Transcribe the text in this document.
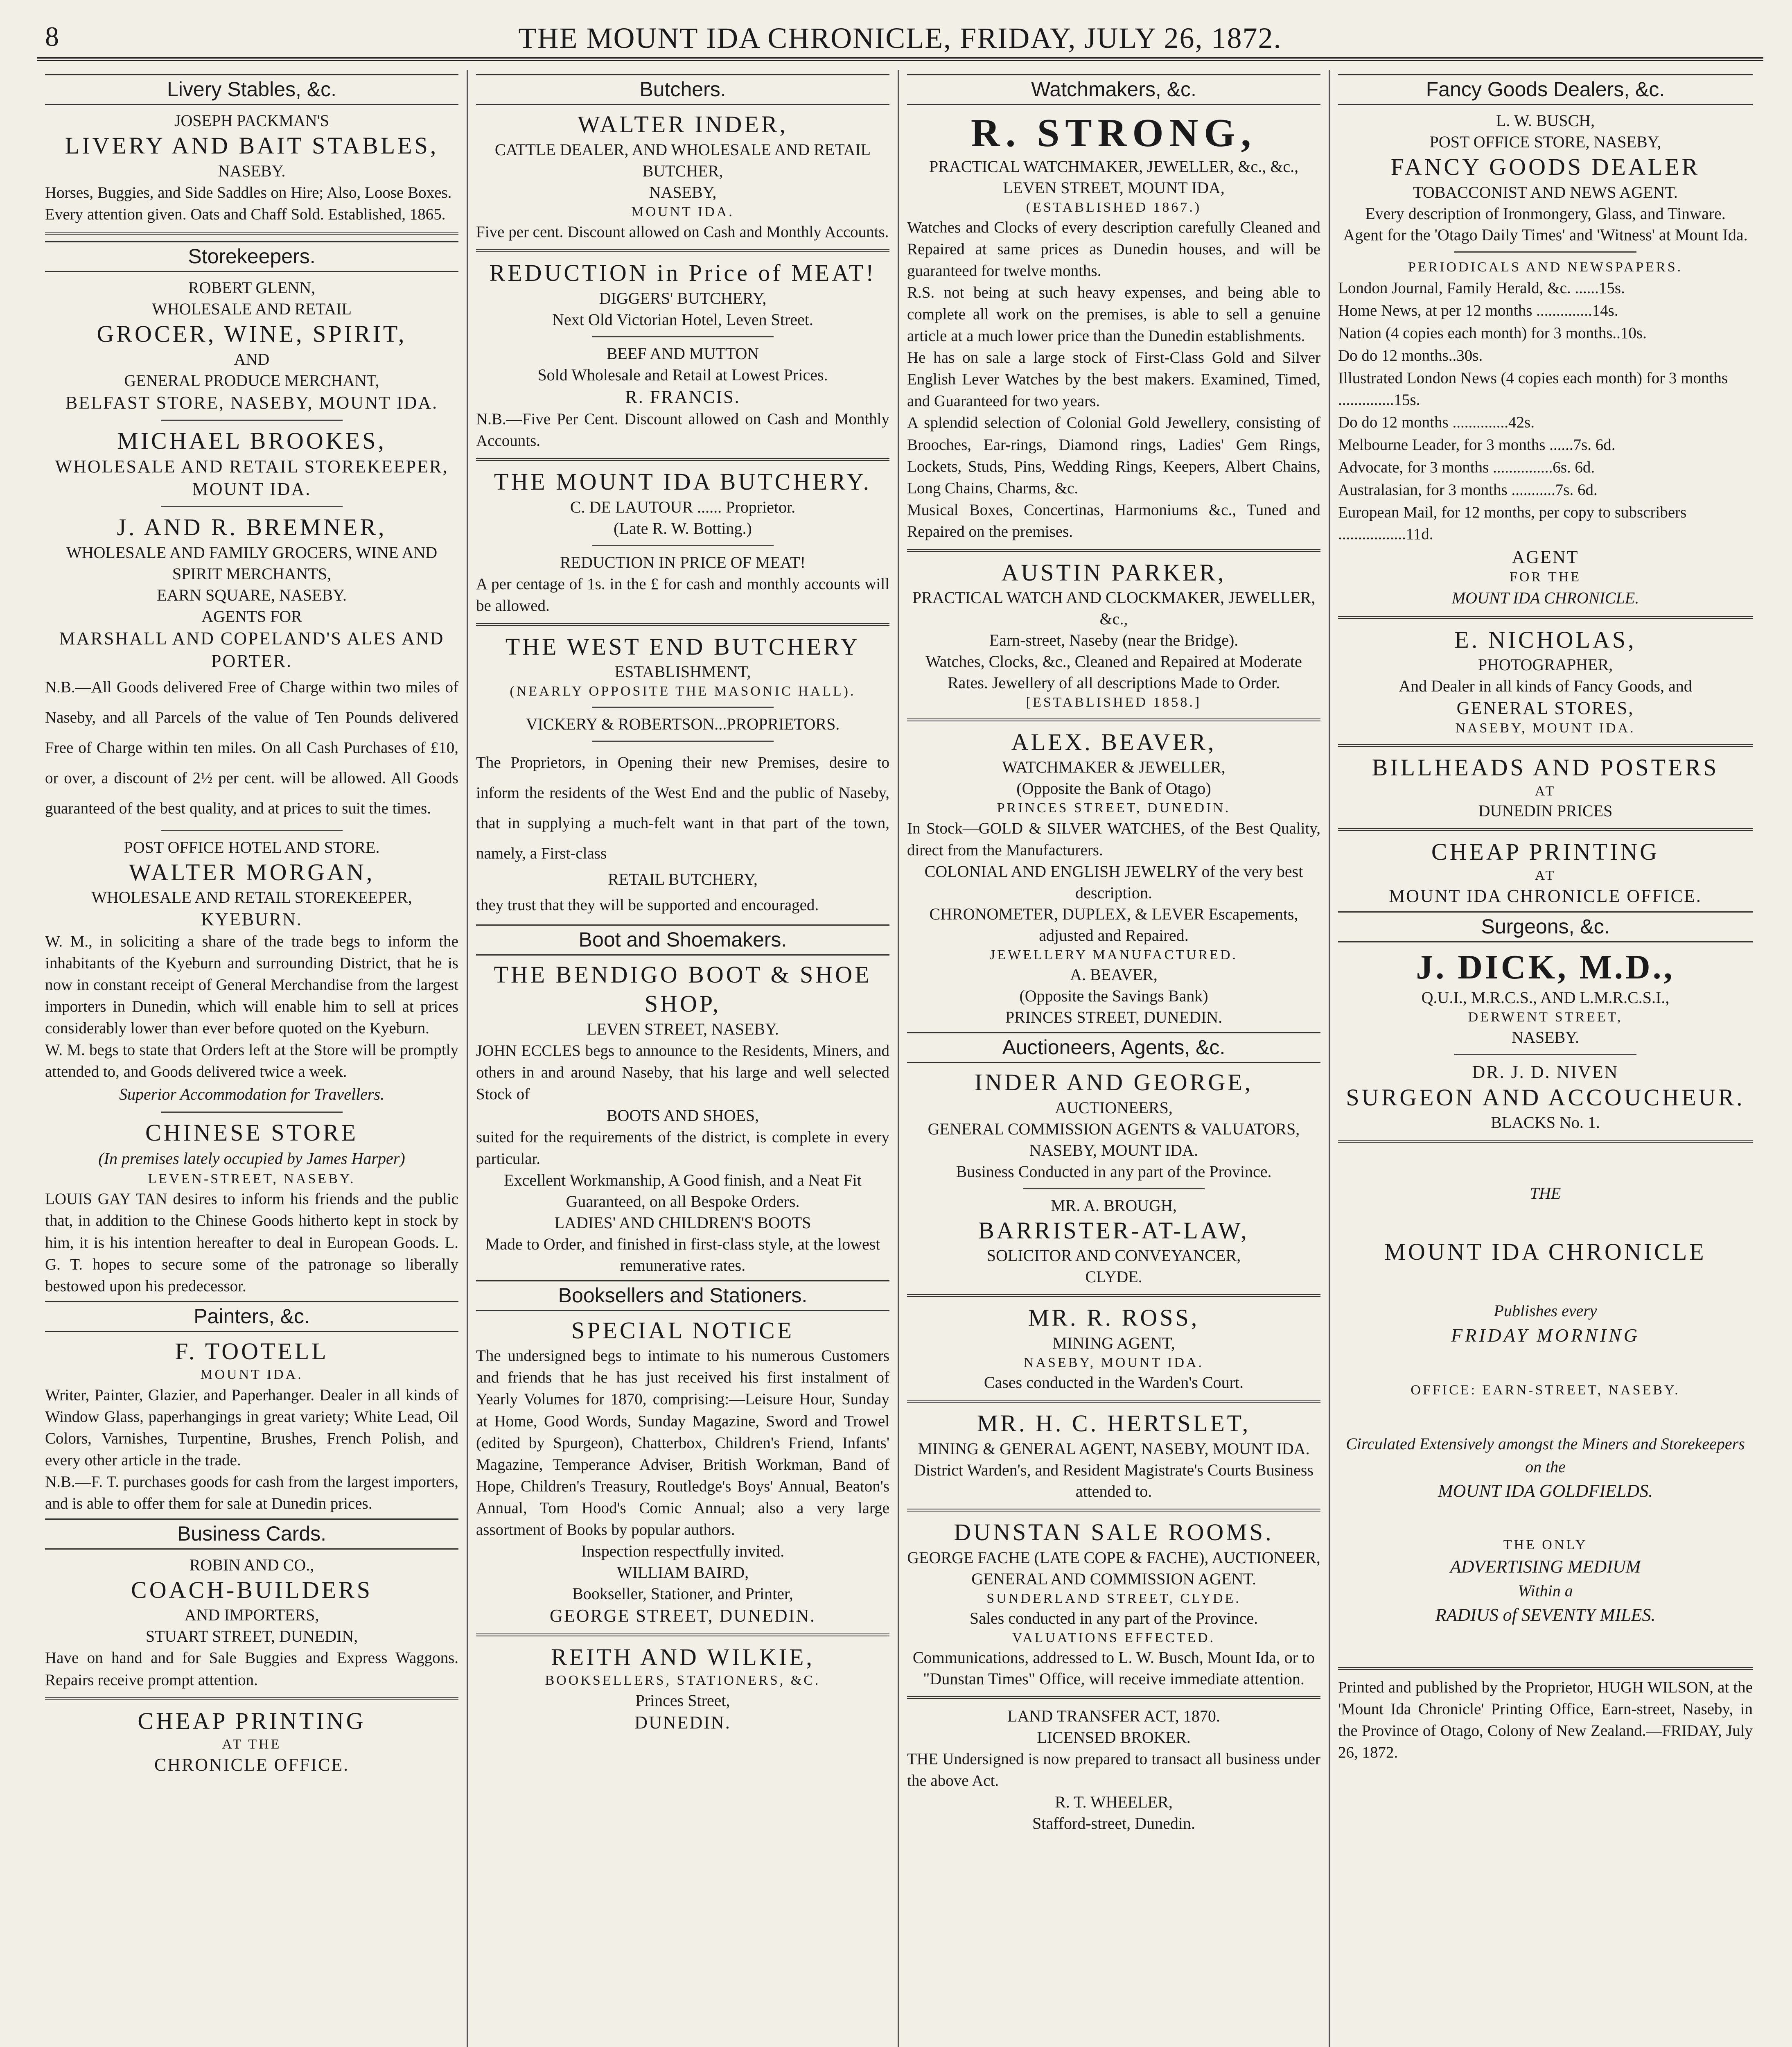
8	THE MOUNT IDA CHRONICLE, FRIDAY, JULY 26, 1872.
Livery Stables, &c.

JOSEPH PACKMAN'S

LIVERY AND BAIT STABLES,

NASEBY.

Horses, Buggies, and Side Saddles on Hire; Also, Loose Boxes.

Every attention given. Oats and Chaff Sold. Established, 1865.

Storekeepers.

ROBERT GLENN,

WHOLESALE AND RETAIL

GROCER, WINE, SPIRIT,

AND

GENERAL PRODUCE MERCHANT,

BELFAST STORE, NASEBY, MOUNT IDA.

MICHAEL BROOKES,

WHOLESALE AND RETAIL STOREKEEPER,

MOUNT IDA.

J. AND R. BREMNER,

WHOLESALE AND FAMILY GROCERS, WINE AND SPIRIT MERCHANTS,

EARN SQUARE, NASEBY.

AGENTS FOR

MARSHALL AND COPELAND'S ALES AND PORTER.

N.B.—All Goods delivered Free of Charge within two miles of Naseby, and all Parcels of the value of Ten Pounds delivered Free of Charge within ten miles. On all Cash Purchases of £10, or over, a discount of 2½ per cent. will be allowed. All Goods guaranteed of the best quality, and at prices to suit the times.

POST OFFICE HOTEL AND STORE.

WALTER MORGAN,

WHOLESALE AND RETAIL STOREKEEPER,

KYEBURN.

W. M., in soliciting a share of the trade begs to inform the inhabitants of the Kyeburn and surrounding District, that he is now in constant receipt of General Merchandise from the largest importers in Dunedin, which will enable him to sell at prices considerably lower than ever before quoted on the Kyeburn.

W. M. begs to state that Orders left at the Store will be promptly attended to, and Goods delivered twice a week.

Superior Accommodation for Travellers.

CHINESE STORE

(In premises lately occupied by James Harper)

LEVEN-STREET, NASEBY.

LOUIS GAY TAN desires to inform his friends and the public that, in addition to the Chinese Goods hitherto kept in stock by him, it is his intention hereafter to deal in European Goods. L. G. T. hopes to secure some of the patronage so liberally bestowed upon his predecessor.

Painters, &c.

F. TOOTELL

MOUNT IDA.

Writer, Painter, Glazier, and Paperhanger. Dealer in all kinds of Window Glass, paperhangings in great variety; White Lead, Oil Colors, Varnishes, Turpentine, Brushes, French Polish, and every other article in the trade.

N.B.—F. T. purchases goods for cash from the largest importers, and is able to offer them for sale at Dunedin prices.

Business Cards.

ROBIN AND CO.,

COACH-BUILDERS

AND IMPORTERS,

STUART STREET, DUNEDIN,

Have on hand and for Sale Buggies and Express Waggons. Repairs receive prompt attention.

CHEAP PRINTING

AT THE

CHRONICLE OFFICE.

Butchers.

WALTER INDER,

CATTLE DEALER, AND WHOLESALE AND RETAIL BUTCHER,

NASEBY,

MOUNT IDA.

Five per cent. Discount allowed on Cash and Monthly Accounts.

REDUCTION in Price of MEAT!

DIGGERS' BUTCHERY,

Next Old Victorian Hotel, Leven Street.

BEEF AND MUTTON

Sold Wholesale and Retail at Lowest Prices.

R. FRANCIS.

N.B.—Five Per Cent. Discount allowed on Cash and Monthly Accounts.

THE MOUNT IDA BUTCHERY.

C. DE LAUTOUR ...... Proprietor.

(Late R. W. Botting.)

REDUCTION IN PRICE OF MEAT!

A per centage of 1s. in the £ for cash and monthly accounts will be allowed.

THE WEST END BUTCHERY

ESTABLISHMENT,

(NEARLY OPPOSITE THE MASONIC HALL).

VICKERY & ROBERTSON...PROPRIETORS.

The Proprietors, in Opening their new Premises, desire to inform the residents of the West End and the public of Naseby, that in supplying a much-felt want in that part of the town, namely, a First-class

RETAIL BUTCHERY,

they trust that they will be supported and encouraged.

Boot and Shoemakers.

THE BENDIGO BOOT & SHOE SHOP,

LEVEN STREET, NASEBY.

JOHN ECCLES begs to announce to the Residents, Miners, and others in and around Naseby, that his large and well selected Stock of

BOOTS AND SHOES,

suited for the requirements of the district, is complete in every particular.

Excellent Workmanship, A Good finish, and a Neat Fit Guaranteed, on all Bespoke Orders.

LADIES' AND CHILDREN'S BOOTS

Made to Order, and finished in first-class style, at the lowest remunerative rates.

Booksellers and Stationers.

SPECIAL NOTICE

The undersigned begs to intimate to his numerous Customers and friends that he has just received his first instalment of Yearly Volumes for 1870, comprising:—Leisure Hour, Sunday at Home, Good Words, Sunday Magazine, Sword and Trowel (edited by Spurgeon), Chatterbox, Children's Friend, Infants' Magazine, Temperance Adviser, British Workman, Band of Hope, Children's Treasury, Routledge's Boys' Annual, Beaton's Annual, Tom Hood's Comic Annual; also a very large assortment of Books by popular authors.

Inspection respectfully invited.

WILLIAM BAIRD,

Bookseller, Stationer, and Printer,

GEORGE STREET, DUNEDIN.

REITH AND WILKIE,

BOOKSELLERS, STATIONERS, &C.

Princes Street,

DUNEDIN.

Watchmakers, &c.

R. STRONG,

PRACTICAL WATCHMAKER, JEWELLER, &c., &c.,

LEVEN STREET, MOUNT IDA,

(ESTABLISHED 1867.)

Watches and Clocks of every description carefully Cleaned and Repaired at same prices as Dunedin houses, and will be guaranteed for twelve months.

R.S. not being at such heavy expenses, and being able to complete all work on the premises, is able to sell a genuine article at a much lower price than the Dunedin establishments.

He has on sale a large stock of First-Class Gold and Silver English Lever Watches by the best makers. Examined, Timed, and Guaranteed for two years.

A splendid selection of Colonial Gold Jewellery, consisting of Brooches, Ear-rings, Diamond rings, Ladies' Gem Rings, Lockets, Studs, Pins, Wedding Rings, Keepers, Albert Chains, Long Chains, Charms, &c.

Musical Boxes, Concertinas, Harmoniums &c., Tuned and Repaired on the premises.

AUSTIN PARKER,

PRACTICAL WATCH AND CLOCKMAKER, JEWELLER, &c.,

Earn-street, Naseby (near the Bridge).

Watches, Clocks, &c., Cleaned and Repaired at Moderate Rates. Jewellery of all descriptions Made to Order.

[ESTABLISHED 1858.]

ALEX. BEAVER,

WATCHMAKER & JEWELLER,

(Opposite the Bank of Otago)

PRINCES STREET, DUNEDIN.

In Stock—GOLD & SILVER WATCHES, of the Best Quality, direct from the Manufacturers.

COLONIAL AND ENGLISH JEWELRY of the very best description.

CHRONOMETER, DUPLEX, & LEVER Escapements, adjusted and Repaired.

JEWELLERY MANUFACTURED.

A. BEAVER,

(Opposite the Savings Bank)

PRINCES STREET, DUNEDIN.

Auctioneers, Agents, &c.

INDER AND GEORGE,

AUCTIONEERS,

GENERAL COMMISSION AGENTS & VALUATORS, NASEBY, MOUNT IDA.

Business Conducted in any part of the Province.

MR. A. BROUGH,

BARRISTER-AT-LAW,

SOLICITOR AND CONVEYANCER,

CLYDE.

MR. R. ROSS,

MINING AGENT,

NASEBY, MOUNT IDA.

Cases conducted in the Warden's Court.

MR. H. C. HERTSLET,

MINING & GENERAL AGENT, NASEBY, MOUNT IDA.

District Warden's, and Resident Magistrate's Courts Business attended to.

DUNSTAN SALE ROOMS.

GEORGE FACHE (LATE COPE & FACHE), AUCTIONEER, GENERAL AND COMMISSION AGENT.

SUNDERLAND STREET, CLYDE.

Sales conducted in any part of the Province.

VALUATIONS EFFECTED.

Communications, addressed to L. W. Busch, Mount Ida, or to "Dunstan Times" Office, will receive immediate attention.

LAND TRANSFER ACT, 1870.

LICENSED BROKER.

THE Undersigned is now prepared to transact all business under the above Act.

R. T. WHEELER,

Stafford-street, Dunedin.

Fancy Goods Dealers, &c.

L. W. BUSCH,

POST OFFICE STORE, NASEBY,

FANCY GOODS DEALER

TOBACCONIST AND NEWS AGENT.

Every description of Ironmongery, Glass, and Tinware.

Agent for the 'Otago Daily Times' and 'Witness' at Mount Ida.

PERIODICALS AND NEWSPAPERS.

London Journal, Family Herald, &c. ......15s.

Home News, at per 12 months ..............14s.

Nation (4 copies each month) for 3 months..10s.

Do do 12 months..30s.

Illustrated London News (4 copies each month) for 3 months ..............15s.

Do do 12 months ..............42s.

Melbourne Leader, for 3 months ......7s. 6d.

Advocate, for 3 months ...............6s. 6d.

Australasian, for 3 months ...........7s. 6d.

European Mail, for 12 months, per copy to subscribers .................11d.

AGENT

FOR THE

MOUNT IDA CHRONICLE.

E. NICHOLAS,

PHOTOGRAPHER,

And Dealer in all kinds of Fancy Goods, and

GENERAL STORES,

NASEBY, MOUNT IDA.

BILLHEADS AND POSTERS

AT

DUNEDIN PRICES

CHEAP PRINTING

AT

MOUNT IDA CHRONICLE OFFICE.

Surgeons, &c.

J. DICK, M.D.,

Q.U.I., M.R.C.S., AND L.M.R.C.S.I.,

DERWENT STREET,

NASEBY.

DR. J. D. NIVEN

SURGEON AND ACCOUCHEUR.

BLACKS No. 1.

THE

MOUNT IDA CHRONICLE

Publishes every

FRIDAY MORNING

OFFICE: EARN-STREET, NASEBY.

Circulated Extensively amongst the Miners and Storekeepers on the

MOUNT IDA GOLDFIELDS.

THE ONLY

ADVERTISING MEDIUM

Within a

RADIUS of SEVENTY MILES.

Printed and published by the Proprietor, HUGH WILSON, at the 'Mount Ida Chronicle' Printing Office, Earn-street, Naseby, in the Province of Otago, Colony of New Zealand.—FRIDAY, July 26, 1872.
